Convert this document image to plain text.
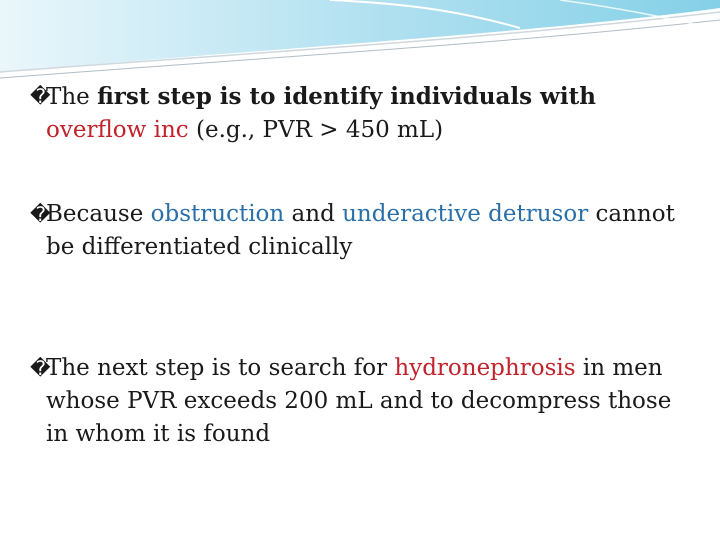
�
The first step is to identify individuals with overflow inc (e.g., PVR > 450 mL)
�
Because obstruction and underactive detrusor cannot be differentiated clinically
�
The next step is to search for hydronephrosis in men whose PVR exceeds 200 mL and to decompress those in whom it is found
